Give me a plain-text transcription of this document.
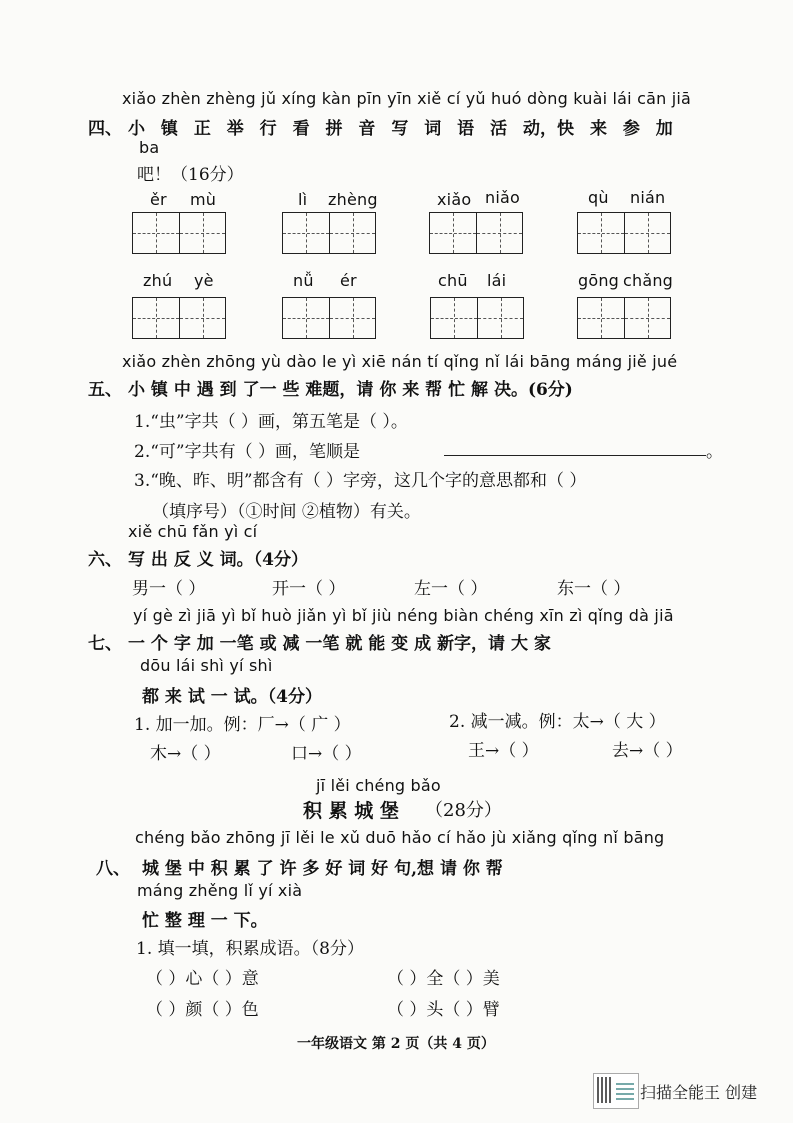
xiǎo zhèn zhèng jǔ xíng kàn pīn yīn xiě cí yǔ huó dòng kuài lái cān jiā
四、 小 镇 正 举 行 看 拼 音 写 词 语 活 动，快 来 参 加
ba
吧！（16分）
ěr mù	lì zhèng	xiǎo niǎo	qù nián
zhú yè	nǚ ér	chū lái	gōng chǎng
xiǎo zhèn zhōng yù dào le yì xiē nán tí qǐng nǐ lái bāng máng jiě jué
五、 小 镇 中 遇 到 了一 些 难题，请 你 来 帮 忙 解 决。(6分)
1.“虫”字共（ ）画，第五笔是（ ）。
2.“可”字共有（ ）画，笔顺是	。
3.“晚、昨、明”都含有（ ）字旁，这几个字的意思都和（ ）
（填序号）（①时间 ②植物）有关。
xiě chū fǎn yì cí
六、 写 出 反 义 词。（4分）
男一（ ）	开一（ ）	左一（ ）	东一（ ）
yí gè zì jiā yì bǐ huò jiǎn yì bǐ jiù néng biàn chéng xīn zì qǐng dà jiā
七、 一 个 字 加 一笔 或 减 一笔 就 能 变 成 新字，请 大 家
dōu lái shì yí shì
都 来 试 一 试。（4分）
1. 加一加。例：厂→（ 广 ）	2. 减一减。例：太→（ 大 ）
木→（ ）	口→（ ）	王→（ ）	去→（ ）
jī lěi chéng bǎo
积 累 城 堡 （28分）
chéng bǎo zhōng jī lěi le xǔ duō hǎo cí hǎo jù xiǎng qǐng nǐ bāng
八、 城 堡 中 积 累 了 许 多 好 词 好 句,想 请 你 帮
máng zhěng lǐ yí xià
忙 整 理 一 下。
1. 填一填，积累成语。（8分）
（ ）心（ ）意	（ ）全（ ）美
（ ）颜（ ）色	（ ）头（ ）臂
一年级语文 第 2 页（共 4 页）
扫描全能王 创建
